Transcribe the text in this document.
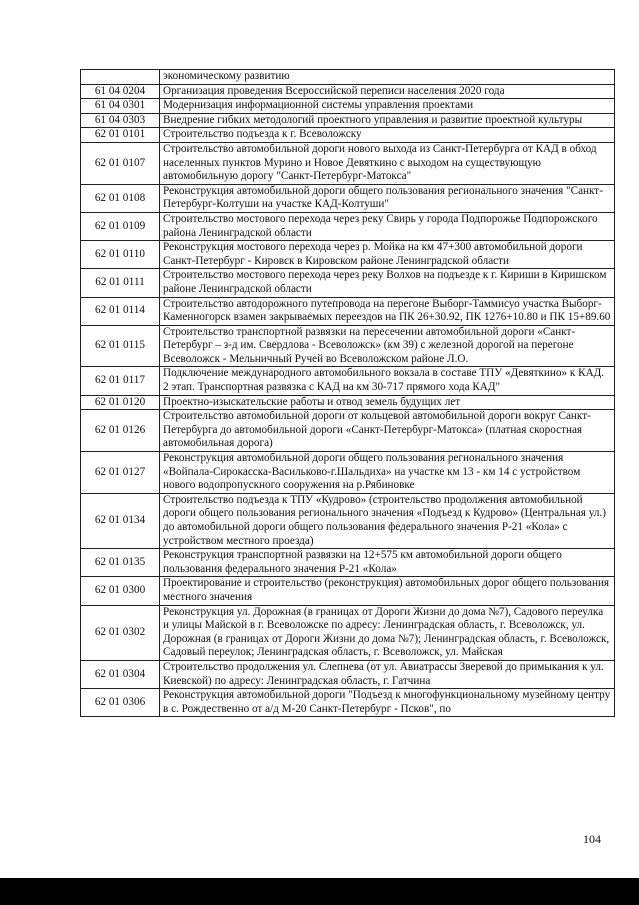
	экономическому развитию
61 04 0204	Организация проведения Всероссийской переписи населения 2020 года
61 04 0301	Модернизация информационной системы управления проектами
61 04 0303	Внедрение гибких методологий проектного управления и развитие проектной культуры
62 01 0101	Строительство подъезда к г. Всеволожску
62 01 0107	Строительство автомобильной дороги нового выхода из Санкт-Петербурга от КАД в обход населенных пунктов Мурино и Новое Девяткино с выходом на существующую автомобильную дорогу "Санкт-Петербург-Матокса"
62 01 0108	Реконструкция автомобильной дороги общего пользования регионального значения "Санкт-Петербург-Колтуши на участке КАД-Колтуши"
62 01 0109	Строительство мостового перехода через реку Свирь у города Подпорожье Подпорожского района Ленинградской области
62 01 0110	Реконструкция мостового перехода через р. Мойка на км 47+300 автомобильной дороги Санкт-Петербург - Кировск в Кировском районе Ленинградской области
62 01 0111	Строительство мостового перехода через реку Волхов на подъезде к г. Кириши в Киришском районе Ленинградской области
62 01 0114	Строительство автодорожного путепровода на перегоне Выборг-Таммисуо участка Выборг-Каменногорск взамен закрываемых переездов на ПК 26+30.92, ПК 1276+10.80 и ПК 15+89.60
62 01 0115	Строительство транспортной развязки на пересечении автомобильной дороги «Санкт-Петербург – з-д им. Свердлова - Всеволожск» (км 39) с железной дорогой на перегоне Всеволожск - Мельничный Ручей во Всеволожском районе Л.О.
62 01 0117	Подключение международного автомобильного вокзала в составе ТПУ «Девяткино» к КАД. 2 этап. Транспортная развязка с КАД на км 30-717 прямого хода КАД"
62 01 0120	Проектно-изыскательские работы и отвод земель будущих лет
62 01 0126	Строительство автомобильной дороги от кольцевой автомобильной дороги вокруг Санкт-Петербурга до автомобильной дороги «Санкт-Петербург-Матокса» (платная скоростная автомобильная дорога)
62 01 0127	Реконструкция автомобильной дороги общего пользования регионального значения «Войпала-Сирокасска-Васильково-г.Шальдиха» на участке км 13 - км 14 с устройством нового водопропускного сооружения на р.Рябиновке
62 01 0134	Строительство подъезда к ТПУ «Кудрово» (строительство продолжения автомобильной дороги общего пользования регионального значения «Подъезд к Кудрово» (Центральная ул.) до автомобильной дороги общего пользования федерального значения Р-21 «Кола» с устройством местного проезда)
62 01 0135	Реконструкция транспортной развязки на 12+575 км автомобильной дороги общего пользования федерального значения Р-21 «Кола»
62 01 0300	Проектирование и строительство (реконструкция) автомобильных дорог общего пользования местного значения
62 01 0302	Реконструкция ул. Дорожная (в границах от Дороги Жизни до дома №7), Садового переулка и улицы Майской в г. Всеволожске по адресу: Ленинградская область, г. Всеволожск, ул. Дорожная (в границах от Дороги Жизни до дома №7); Ленинградская область, г. Всеволожск, Садовый переулок; Ленинградская область, г. Всеволожск, ул. Майская
62 01 0304	Строительство продолжения ул. Слепнева (от ул. Авиатрассы Зверевой до примыкания к ул. Киевской) по адресу: Ленинградская область, г. Гатчина
62 01 0306	Реконструкция автомобильной дороги "Подъезд к многофункциональному музейному центру в с. Рождественно от а/д М-20 Санкт-Петербург - Псков", по
104
